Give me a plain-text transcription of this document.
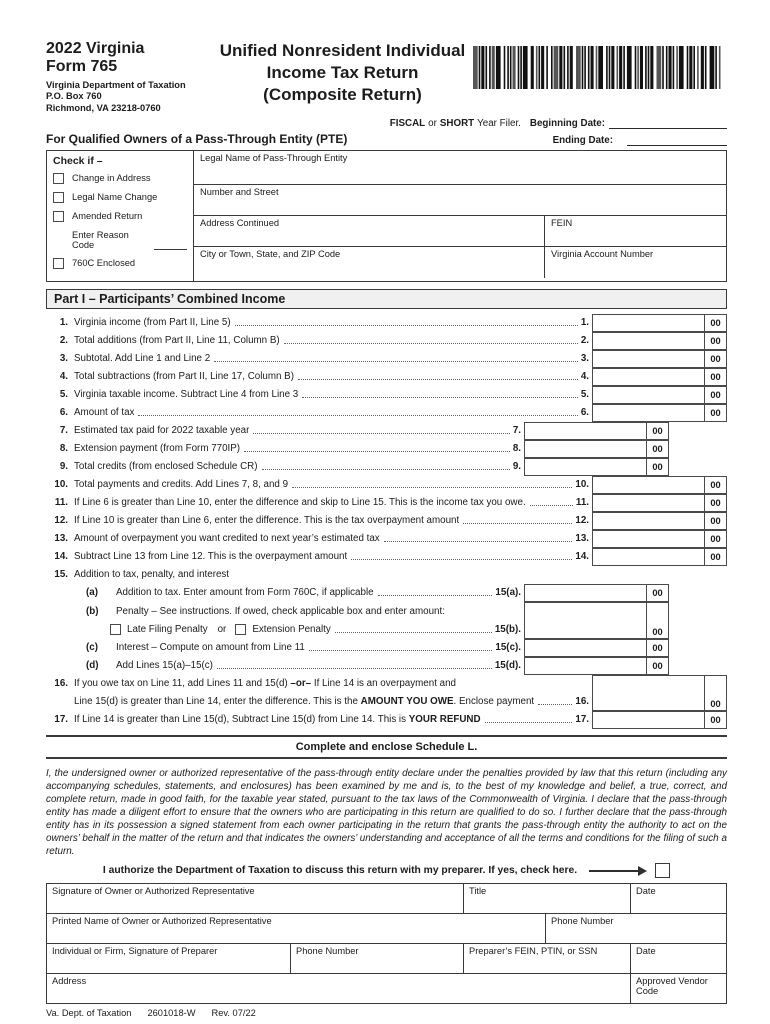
2022 Virginia
Form 765
Virginia Department of Taxation
P.O. Box 760
Richmond, VA 23218-0760
Unified Nonresident Individual
Income Tax Return
(Composite Return)
FISCAL or SHORT Year Filer. Beginning Date:
For Qualified Owners of a Pass-Through Entity (PTE)	Ending Date:
Check if –
Change in Address
Legal Name Change
Amended Return
Enter Reason Code
760C Enclosed
Legal Name of Pass-Through Entity
Number and Street
Address Continued	FEIN
City or Town, State, and ZIP Code	Virginia Account Number
Part I – Participants’ Combined Income
1. Virginia income (from Part II, Line 5)	1.	00
2. Total additions (from Part II, Line 11, Column B)	2.	00
3. Subtotal. Add Line 1 and Line 2	3.	00
4. Total subtractions (from Part II, Line 17, Column B)	4.	00
5. Virginia taxable income. Subtract Line 4 from Line 3	5.	00
6. Amount of tax	6.	00
7. Estimated tax paid for 2022 taxable year	7.	00
8. Extension payment (from Form 770IP)	8.	00
9. Total credits (from enclosed Schedule CR)	9.	00
10. Total payments and credits. Add Lines 7, 8, and 9	10.	00
11. If Line 6 is greater than Line 10, enter the difference and skip to Line 15. This is the income tax you owe.	11.	00
12. If Line 10 is greater than Line 6, enter the difference. This is the tax overpayment amount	12.	00
13. Amount of overpayment you want credited to next year’s estimated tax	13.	00
14. Subtract Line 13 from Line 12. This is the overpayment amount	14.	00
15. Addition to tax, penalty, and interest
(a)	Addition to tax. Enter amount from Form 760C, if applicable	15(a).	00
(b)	Penalty – See instructions. If owed, check applicable box and enter amount:
Late Filing Penalty or	Extension Penalty	15(b).	00
(c)	Interest – Compute on amount from Line 11	15(c).	00
(d)	Add Lines 15(a)–15(c)	15(d).	00
16. If you owe tax on Line 11, add Lines 11 and 15(d) –or– If Line 14 is an overpayment and
Line 15(d) is greater than Line 14, enter the difference. This is the AMOUNT YOU OWE. Enclose payment	16.	00
17. If Line 14 is greater than Line 15(d), Subtract Line 15(d) from Line 14. This is YOUR REFUND	17.	00
Complete and enclose Schedule L.
I, the undersigned owner or authorized representative of the pass-through entity declare under the penalties provided by law that this return (including any accompanying schedules, statements, and enclosures) has been examined by me and is, to the best of my knowledge and belief, a true, correct, and complete return, made in good faith, for the taxable year stated, pursuant to the tax laws of the Commonwealth of Virginia. I declare that the pass-through entity has made a diligent effort to ensure that the owners who are participating in this return are qualified to do so. I further declare that the pass-through entity has in its possession a signed statement from each owner participating in the return that grants the pass-through entity the authority to act on the owners’ behalf in the matter of the return and that indicates the owners’ understanding and acceptance of all the terms and conditions for the filing of such a return.
I authorize the Department of Taxation to discuss this return with my preparer. If yes, check here.
Signature of Owner or Authorized Representative	Title	Date
Printed Name of Owner or Authorized Representative	Phone Number
Individual or Firm, Signature of Preparer	Phone Number	Preparer’s FEIN, PTIN, or SSN	Date
Address	Approved Vendor Code
Va. Dept. of Taxation 2601018-W Rev. 07/22
